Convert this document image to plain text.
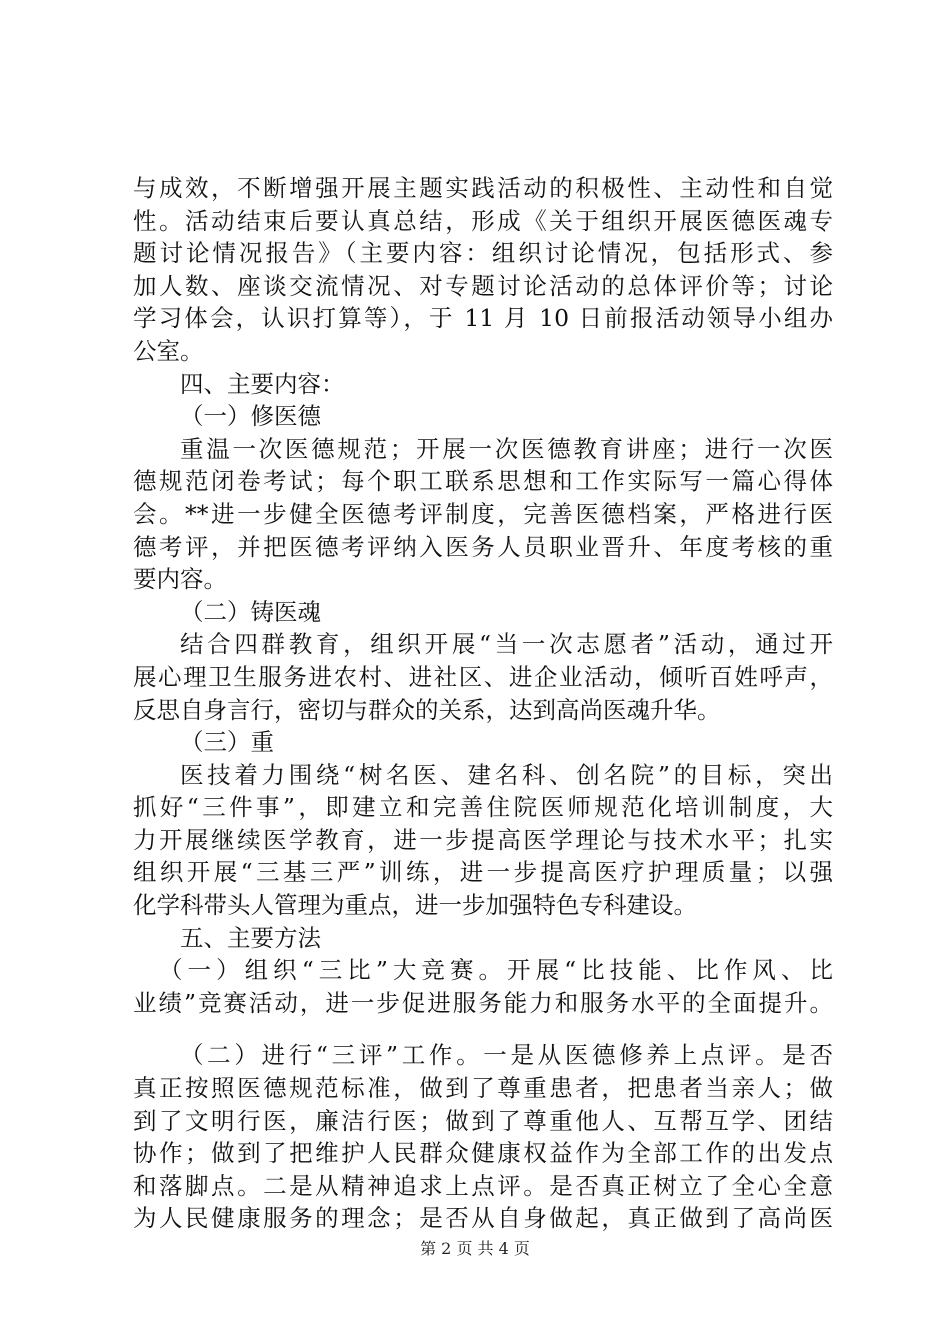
与成效，不断增强开展主题实践活动的积极性、主动性和自觉
性。活动结束后要认真总结，形成《关于组织开展医德医魂专
题讨论情况报告》（主要内容：组织讨论情况，包括形式、参
加人数、座谈交流情况、对专题讨论活动的总体评价等；讨论
学习体会，认识打算等），于 11 月 10 日前报活动领导小组办
公室。
四、主要内容：
（一）修医德
重温一次医德规范；开展一次医德教育讲座；进行一次医
德规范闭卷考试；每个职工联系思想和工作实际写一篇心得体
会。**进一步健全医德考评制度，完善医德档案，严格进行医
德考评，并把医德考评纳入医务人员职业晋升、年度考核的重
要内容。
（二）铸医魂
结合四群教育，组织开展“当一次志愿者”活动，通过开
展心理卫生服务进农村、进社区、进企业活动，倾听百姓呼声，
反思自身言行，密切与群众的关系，达到高尚医魂升华。
（三）重
医技着力围绕“树名医、建名科、创名院”的目标，突出
抓好“三件事”，即建立和完善住院医师规范化培训制度，大
力开展继续医学教育，进一步提高医学理论与技术水平；扎实
组织开展“三基三严”训练，进一步提高医疗护理质量；以强
化学科带头人管理为重点，进一步加强特色专科建设。
五、主要方法
（一）组织“三比”大竞赛。开展“比技能、比作风、比
业绩”竞赛活动，进一步促进服务能力和服务水平的全面提升。
（二）进行“三评”工作。一是从医德修养上点评。是否
真正按照医德规范标准，做到了尊重患者，把患者当亲人；做
到了文明行医，廉洁行医；做到了尊重他人、互帮互学、团结
协作；做到了把维护人民群众健康权益作为全部工作的出发点
和落脚点。二是从精神追求上点评。是否真正树立了全心全意
为人民健康服务的理念；是否从自身做起，真正做到了高尚医
第 2 页 共 4 页
